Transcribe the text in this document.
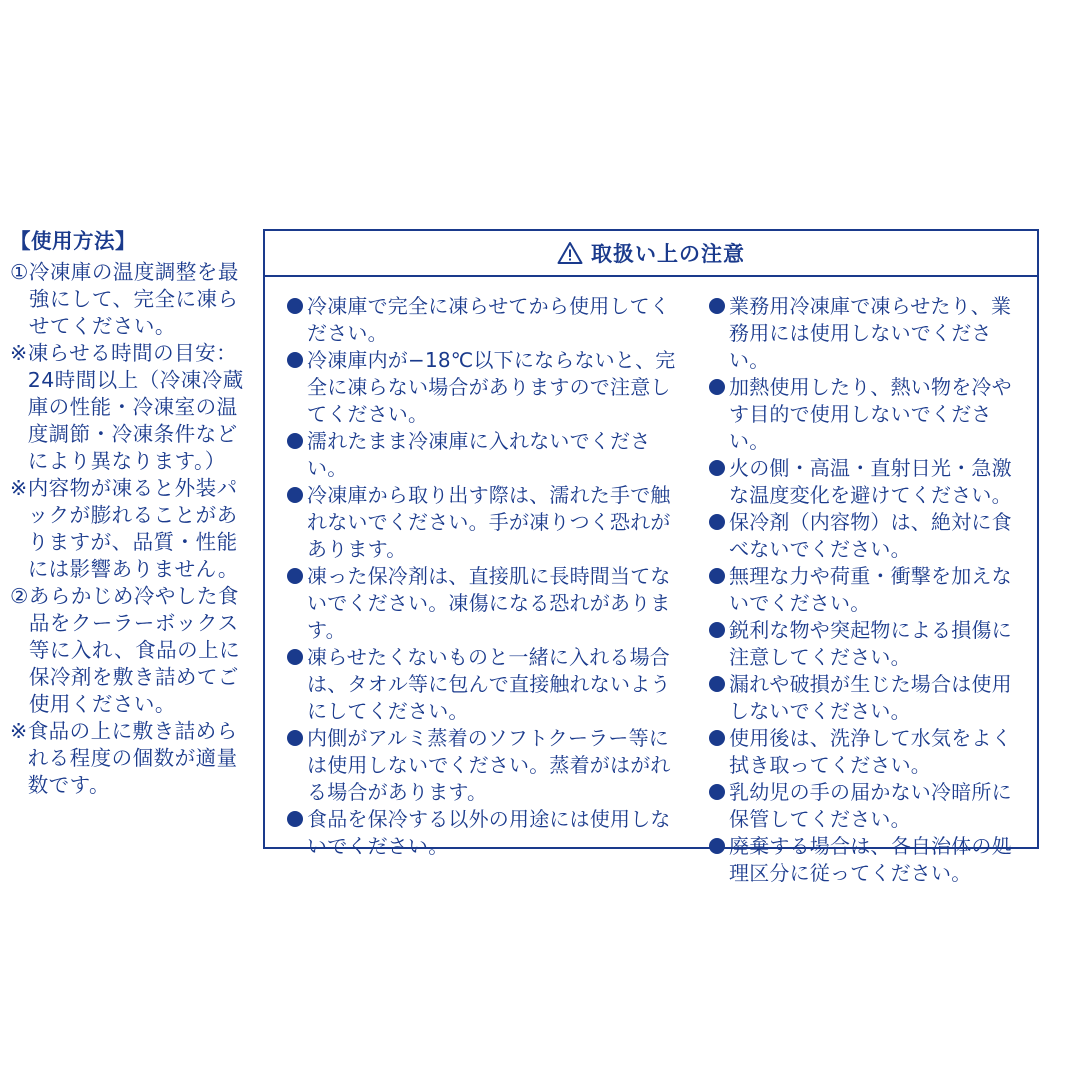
【使用方法】
① 冷凍庫の温度調整を最強にして、完全に凍らせてください。
※ 凍らせる時間の目安：24時間以上（冷凍冷蔵庫の性能・冷凍室の温度調節・冷凍条件などにより異なります。）
※ 内容物が凍ると外装パックが膨れることがありますが、品質・性能には影響ありません。
② あらかじめ冷やした食品をクーラーボックス等に入れ、食品の上に保冷剤を敷き詰めてご使用ください。
※ 食品の上に敷き詰められる程度の個数が適量数です。
取扱い上の注意
冷凍庫で完全に凍らせてから使用してください。
冷凍庫内が−18℃以下にならないと、完全に凍らない場合がありますので注意してください。
濡れたまま冷凍庫に入れないでください。
冷凍庫から取り出す際は、濡れた手で触れないでください。手が凍りつく恐れがあります。
凍った保冷剤は、直接肌に長時間当てないでください。凍傷になる恐れがあります。
凍らせたくないものと一緒に入れる場合は、タオル等に包んで直接触れないようにしてください。
内側がアルミ蒸着のソフトクーラー等には使用しないでください。蒸着がはがれる場合があります。
食品を保冷する以外の用途には使用しないでください。
業務用冷凍庫で凍らせたり、業務用には使用しないでください。
加熱使用したり、熱い物を冷やす目的で使用しないでください。
火の側・高温・直射日光・急激な温度変化を避けてください。
保冷剤（内容物）は、絶対に食べないでください。
無理な力や荷重・衝撃を加えないでください。
鋭利な物や突起物による損傷に注意してください。
漏れや破損が生じた場合は使用しないでください。
使用後は、洗浄して水気をよく拭き取ってください。
乳幼児の手の届かない冷暗所に保管してください。
廃棄する場合は、各自治体の処理区分に従ってください。
